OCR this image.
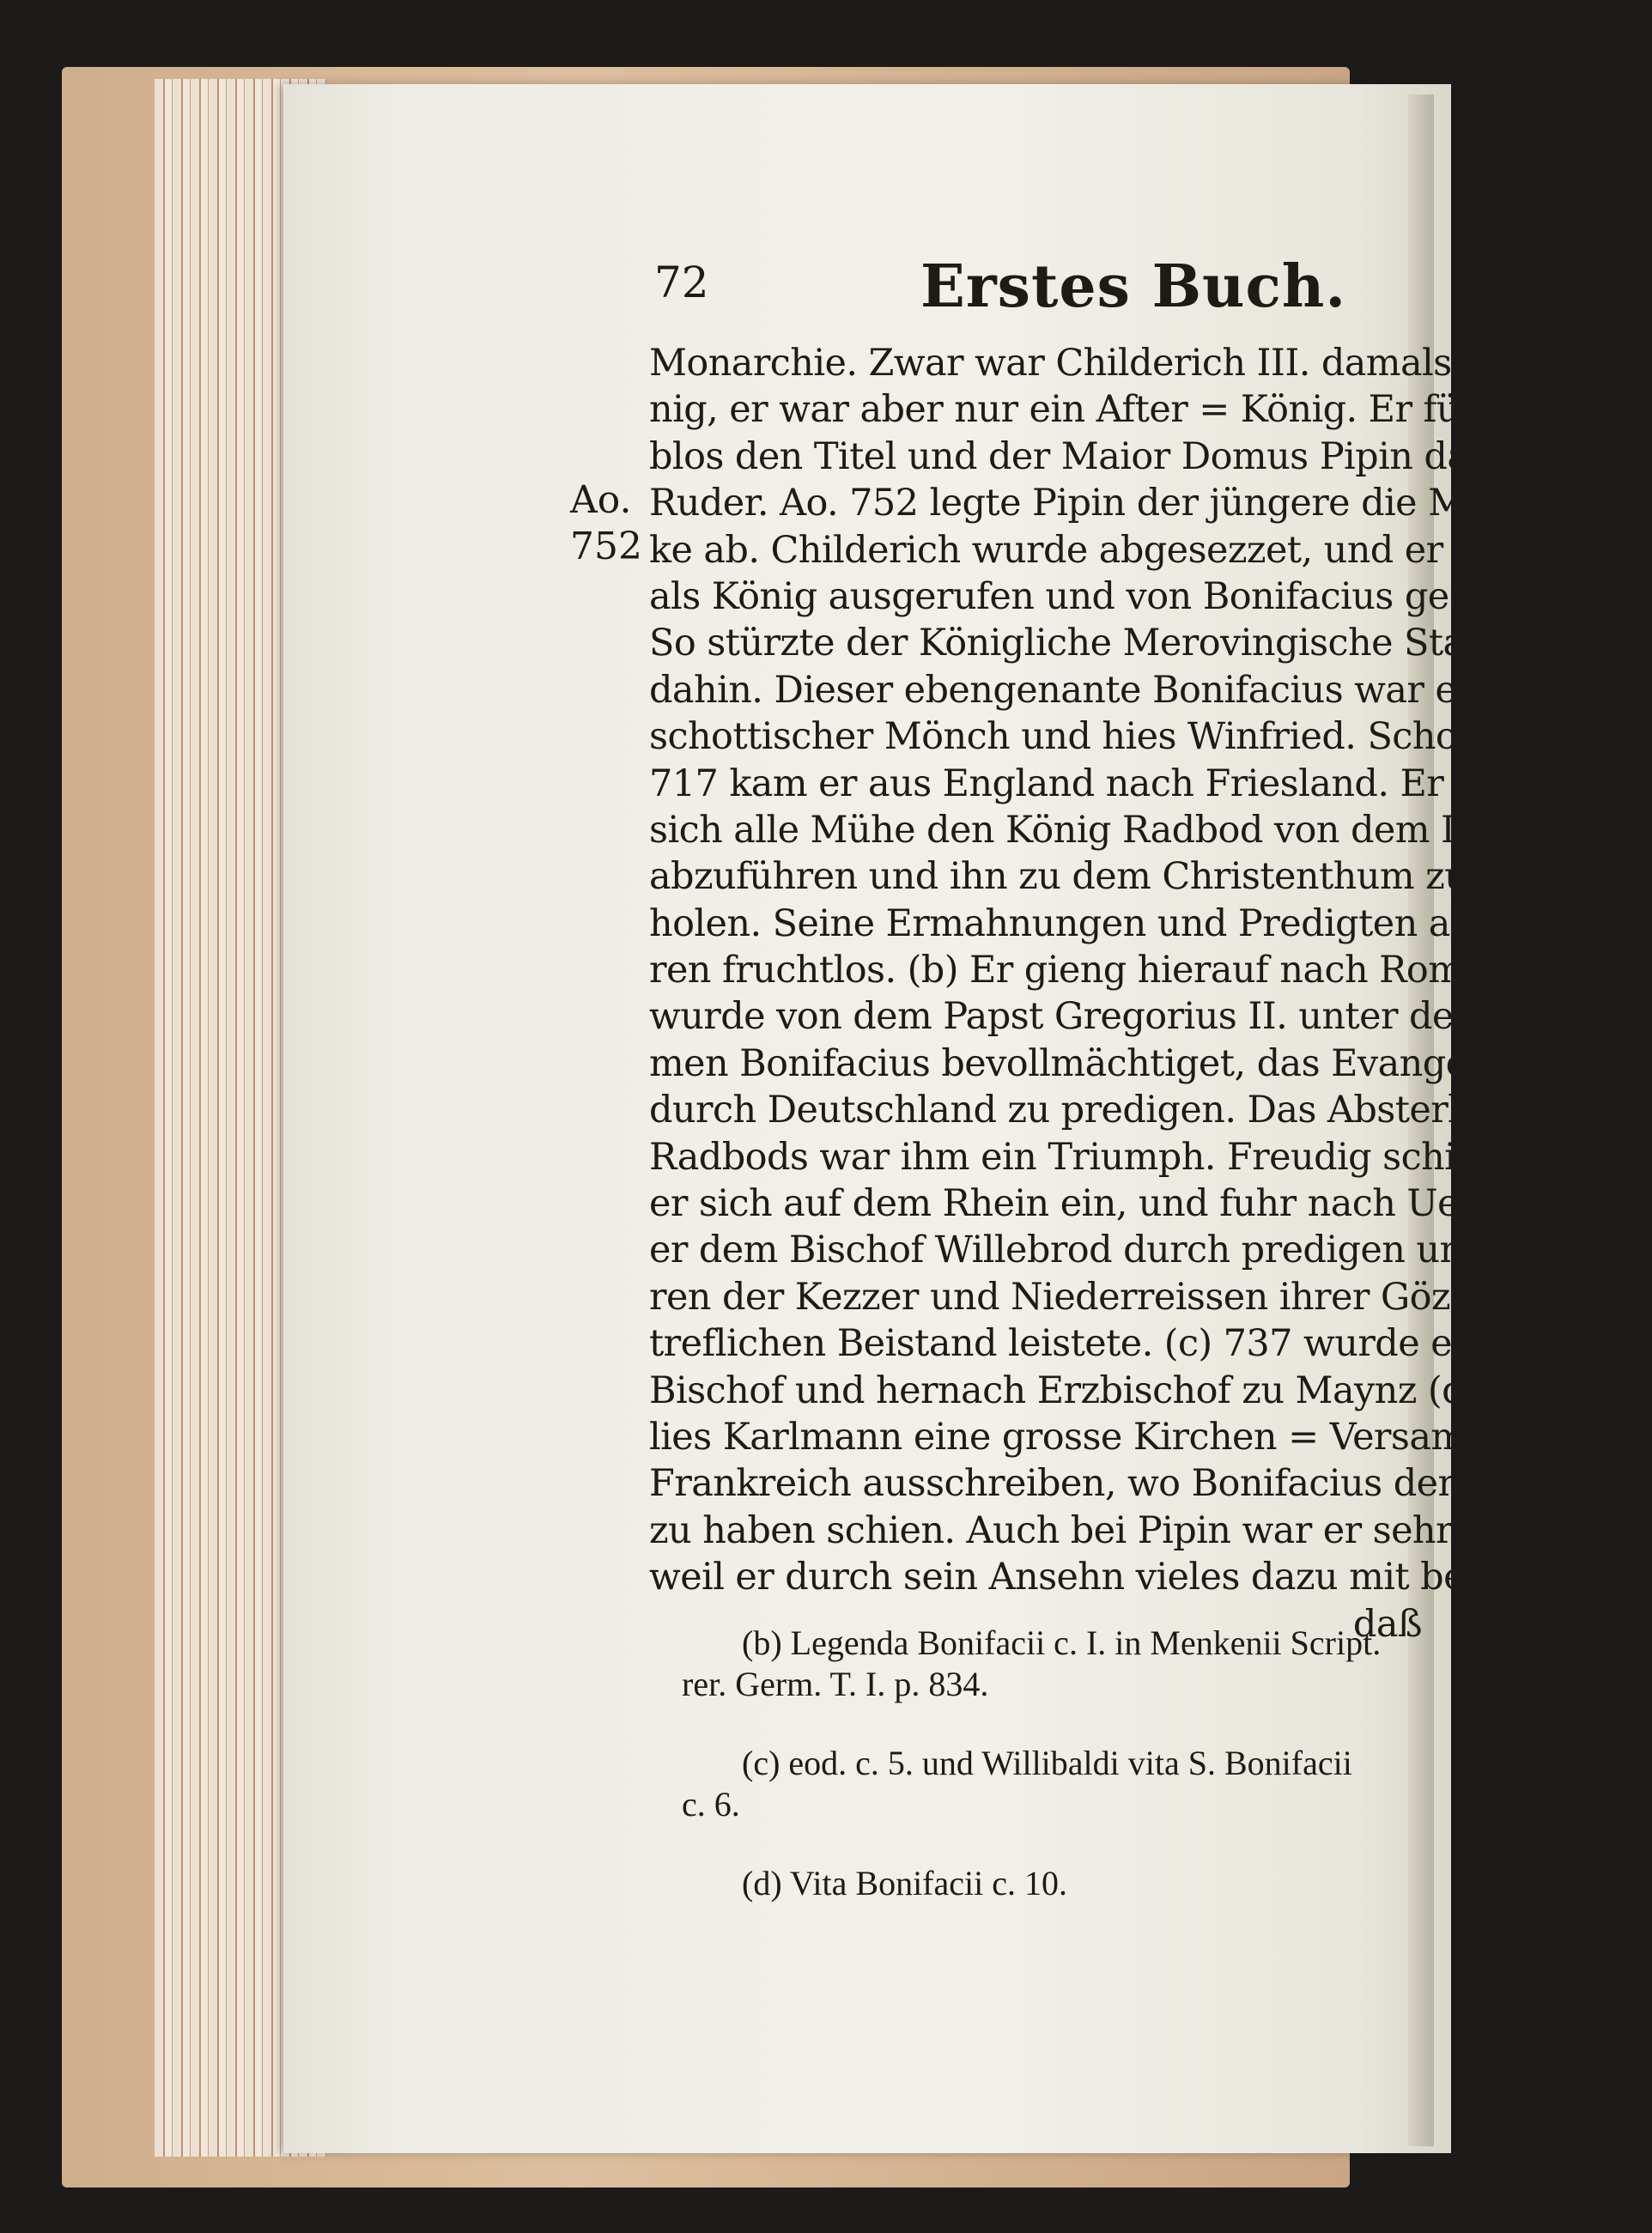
72	Erstes Buch.
Ao.
752
Monarchie. Zwar war Childerich III. damals Kö-
nig, er war aber nur ein After = König. Er führte
blos den Titel und der Maior Domus Pipin das
Ruder. Ao. 752 legte Pipin der jüngere die Mas-
ke ab. Childerich wurde abgesezzet, und er feierlich
als König ausgerufen und von Bonifacius gesalbet.
So stürzte der Königliche Merovingische Stamm
dahin. Dieser ebengenante Bonifacius war ein
schottischer Mönch und hies Winfried. Schon Ao.
717 kam er aus England nach Friesland. Er gab
sich alle Mühe den König Radbod von dem Irrwege
abzuführen und ihn zu dem Christenthum zu über-
holen. Seine Ermahnungen und Predigten aber wa-
ren fruchtlos. (b) Er gieng hierauf nach Rom und
wurde von dem Papst Gregorius II. unter dem Na-
men Bonifacius bevollmächtiget, das Evangelium
durch Deutschland zu predigen. Das Absterben
Radbods war ihm ein Triumph. Freudig schiffte
er sich auf dem Rhein ein, und fuhr nach Uetrecht, wo
er dem Bischof Willebrod durch predigen und bekeh-
ren der Kezzer und Niederreissen ihrer Gözzentempel
treflichen Beistand leistete. (c) 737 wurde er
Bischof und hernach Erzbischof zu Maynz (d) 742
lies Karlmann eine grosse Kirchen = Versammlung in
Frankreich ausschreiben, wo Bonifacius den Vorsiz
zu haben schien. Auch bei Pipin war er sehr beliebt,
weil er durch sein Ansehn vieles dazu mit beigetragen,
daß
(b) Legenda Bonifacii c. I. in Menkenii Script.
rer. Germ. T. I. p. 834.
(c) eod. c. 5. und Willibaldi vita S. Bonifacii
c. 6.
(d) Vita Bonifacii c. 10.
